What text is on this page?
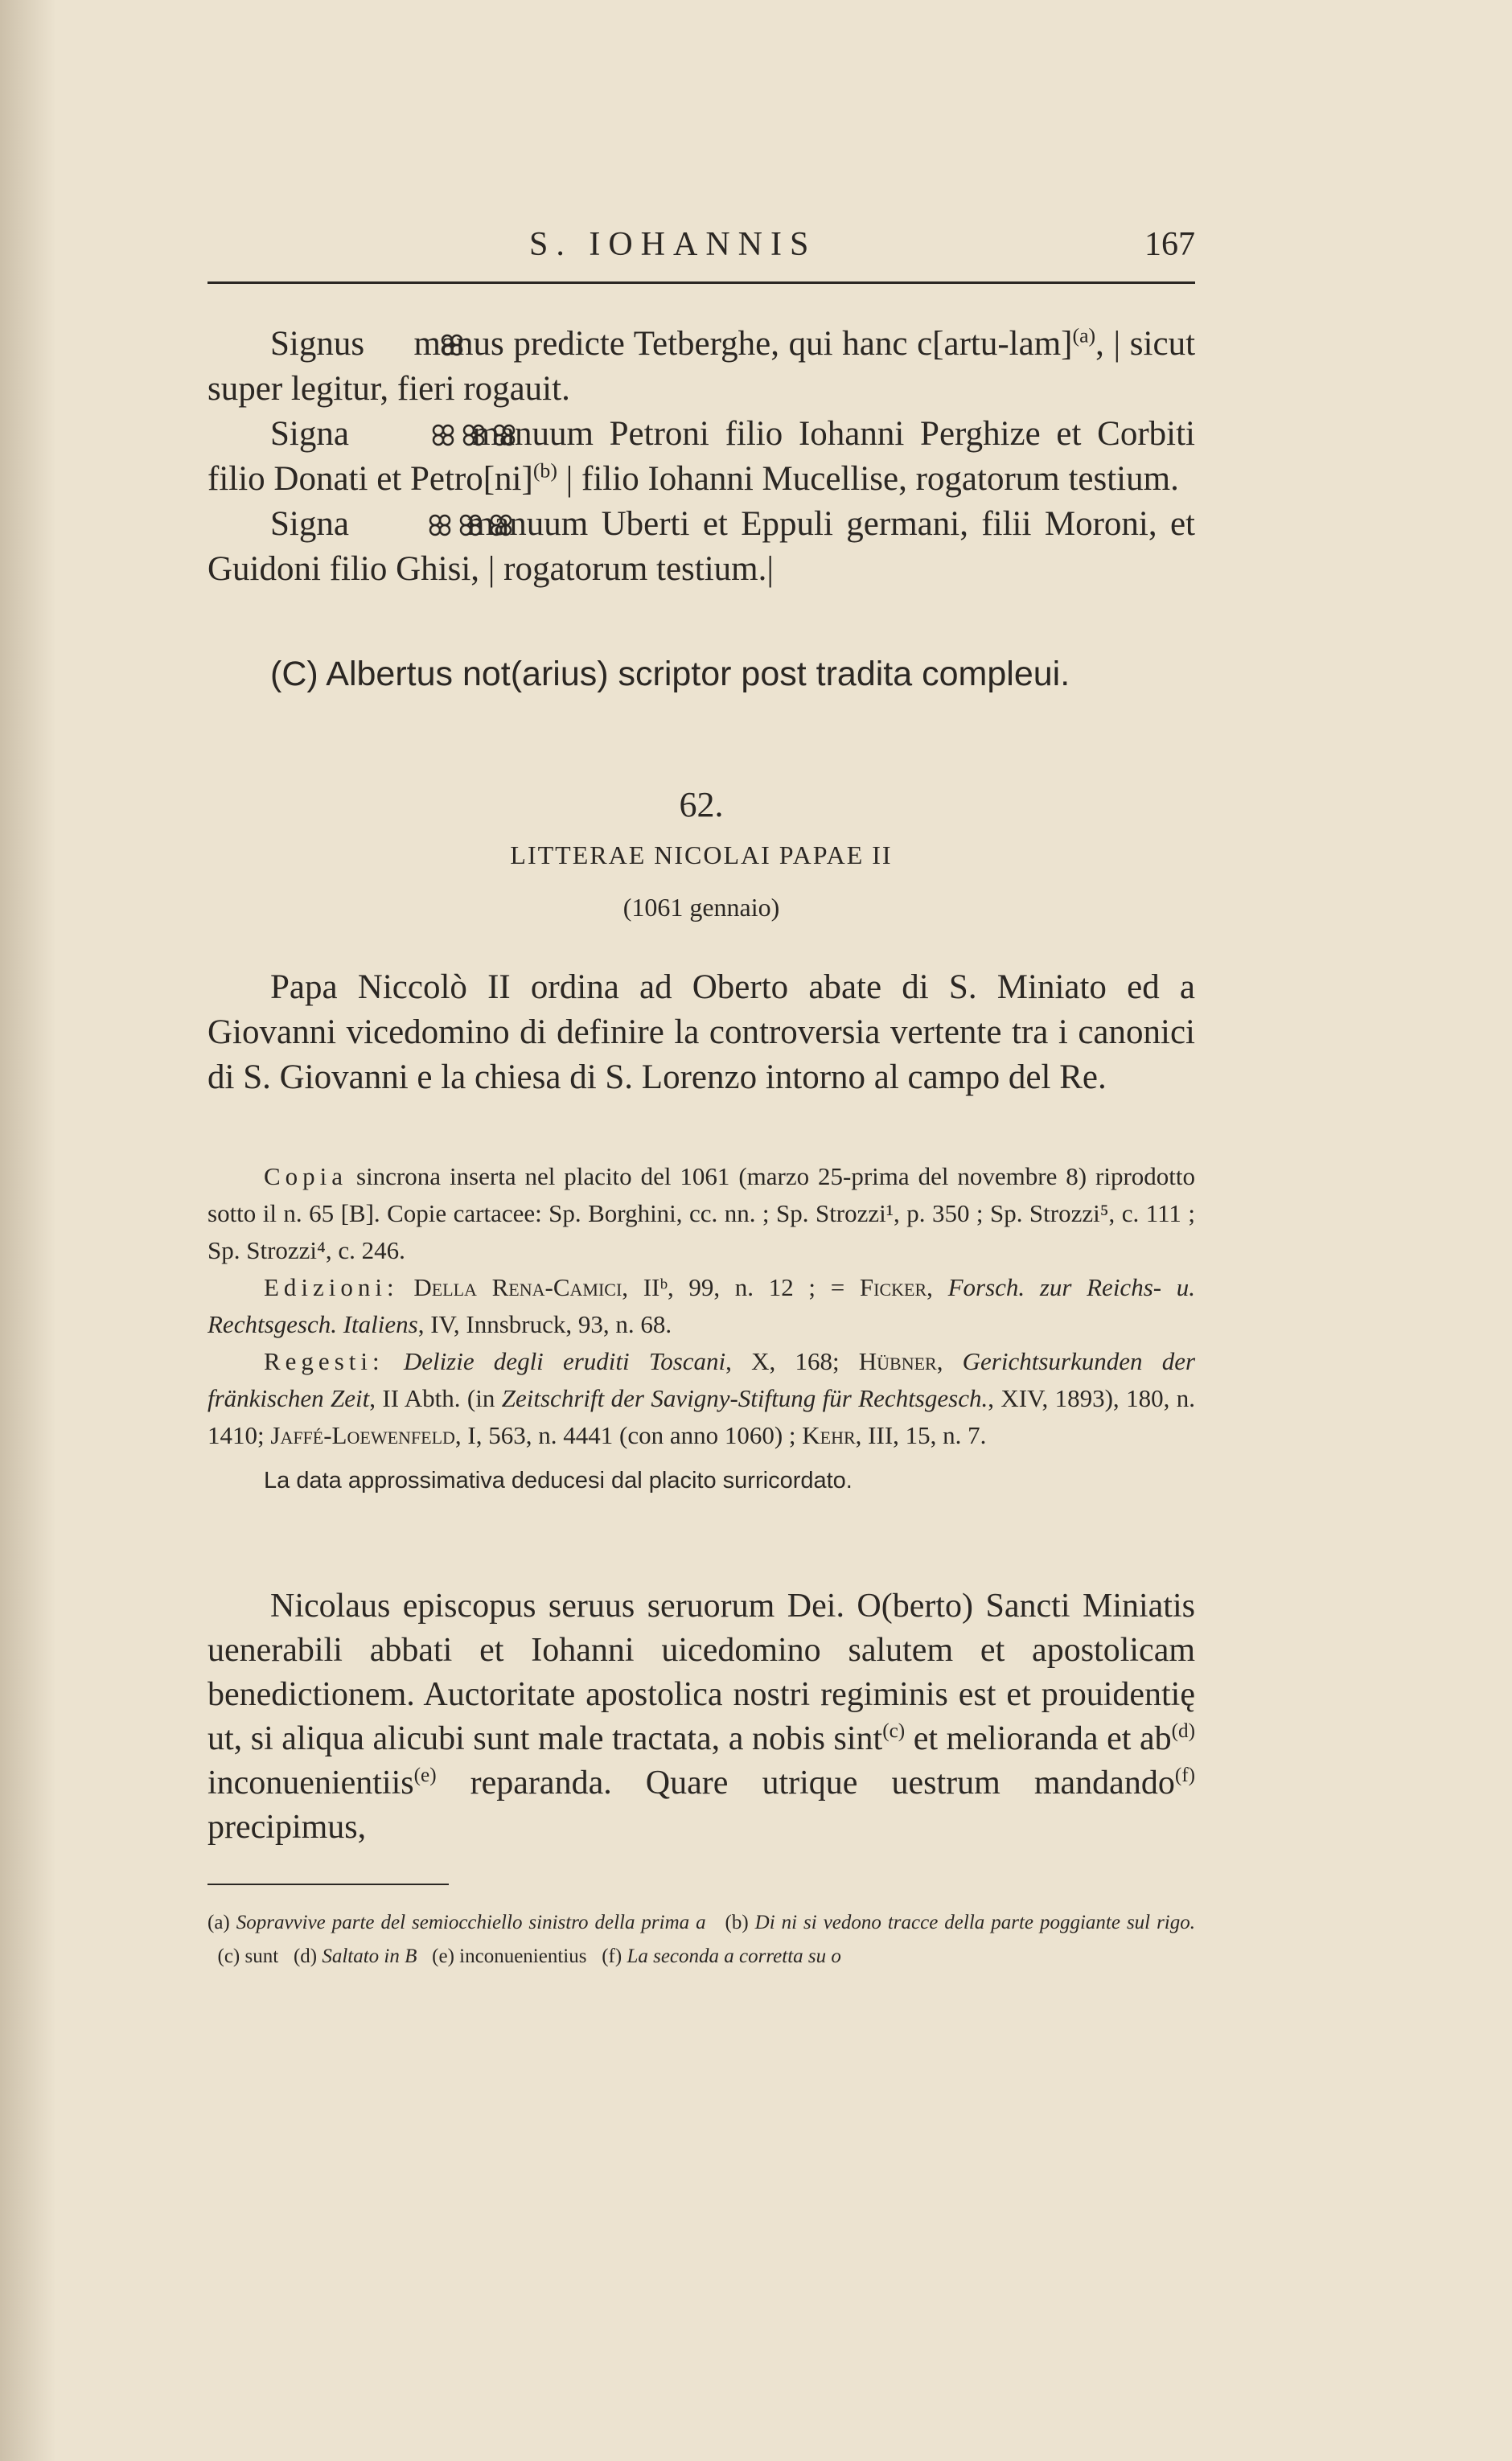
S. IOHANNIS	167

Signus manus predicte Tetberghe, qui hanc c[artu-lam]$^{(a)}$, | sicut super legitur, fieri rogauit.

Signa	manuum Petroni filio Iohanni Perghize et Corbiti filio Donati et Petro[ni]$^{(b)}$ | filio Iohanni Mucellise, rogatorum testium.

Signa	manuum Uberti et Eppuli germani, filii Moroni, et Guidoni filio Ghisi, | rogatorum testium.|

(C) Albertus not(arius) scriptor post tradita compleui.

62.
LITTERAE NICOLAI PAPAE II
(1061 gennaio)

Papa Niccolò II ordina ad Oberto abate di S. Miniato ed a Giovanni vicedomino di definire la controversia vertente tra i canonici di S. Giovanni e la chiesa di S. Lorenzo intorno al campo del Re.

Copia sincrona inserta nel placito del 1061 (marzo 25-prima del novembre 8) riprodotto sotto il n. 65 [B]. Copie cartacee: Sp. Borghini, cc. nn. ; Sp. Strozzi¹, p. 350 ; Sp. Strozzi⁵, c. 111 ; Sp. Strozzi⁴, c. 246.

Edizioni: Della Rena-Camici, IIᵇ, 99, n. 12 ; = Ficker, Forsch. zur Reichs- u. Rechtsgesch. Italiens, IV, Innsbruck, 93, n. 68.

Regesti: Delizie degli eruditi Toscani, X, 168; Hübner, Gerichtsurkunden der fränkischen Zeit, II Abth. (in Zeitschrift der Savigny-Stiftung für Rechtsgesch., XIV, 1893), 180, n. 1410; Jaffé-Loewenfeld, I, 563, n. 4441 (con anno 1060) ; Kehr, III, 15, n. 7.

La data approssimativa deducesi dal placito surricordato.

Nicolaus episcopus seruus seruorum Dei. O(berto) Sancti Miniatis uenerabili abbati et Iohanni uicedomino salutem et apostolicam benedictionem. Auctoritate apostolica nostri regiminis est et prouidentię ut, si aliqua alicubi sunt male tractata, a nobis sint$^{(c)}$ et melioranda et $ab^{(d)}$ inconuenientiis$^{(e)}$ reparanda. Quare utrique uestrum mandando$^{(f)}$ precipimus,

(a) Sopravvive parte del semiocchiello sinistro della prima a (b) Di ni si vedono tracce della parte poggiante sul rigo.   (c) sunt (d) Saltato in B (e) inconuenientius (f) La seconda a corretta su o
